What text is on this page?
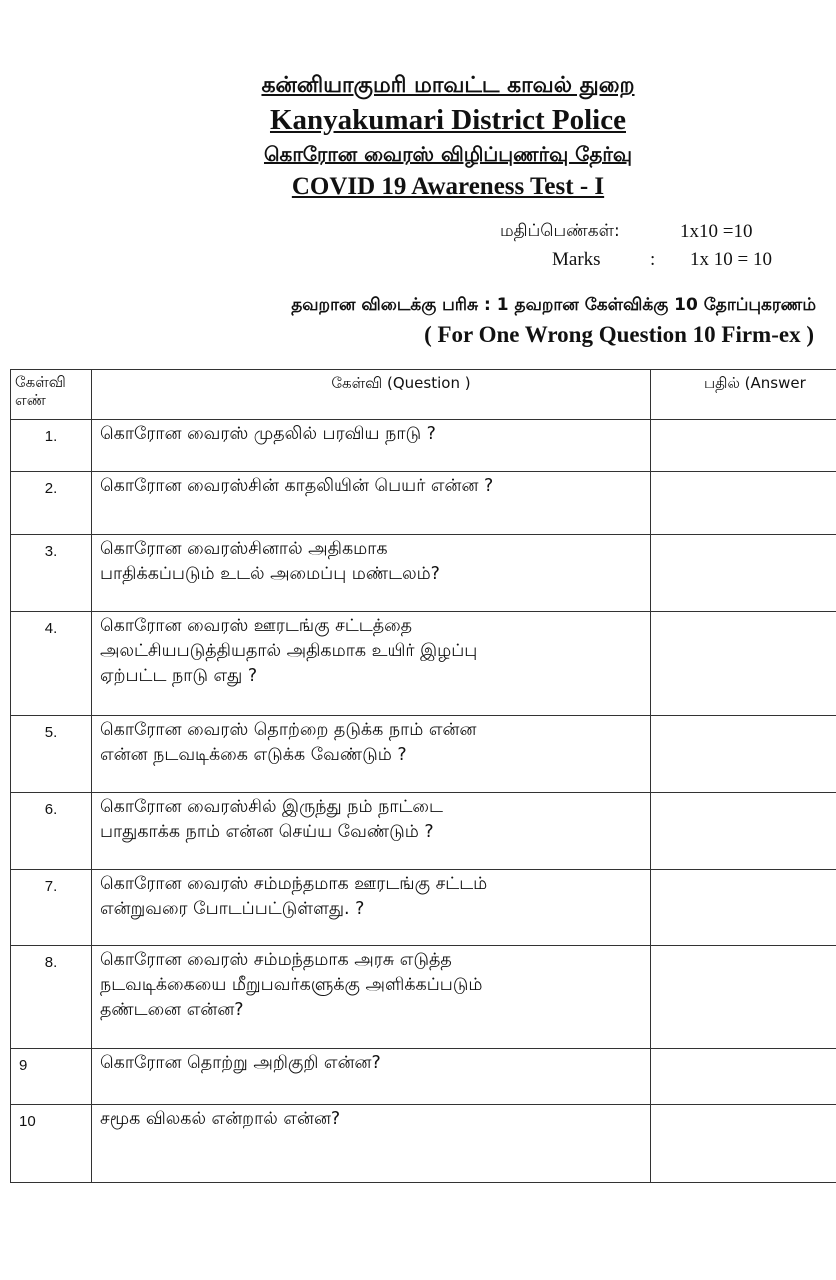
கன்னியாகுமரி மாவட்ட காவல் துறை
Kanyakumari District Police
கொரோன வைரஸ் விழிப்புணர்வு தேர்வு
COVID 19 Awareness Test - I
மதிப்பெண்கள்:	1x10 =10
Marks	:	1x 10 = 10
தவறான விடைக்கு பரிசு : 1 தவறான கேள்விக்கு 10 தோப்புகரணம்
( For One Wrong Question 10 Firm-ex )
கேள்வி எண்	கேள்வி (Question )	பதில் (Answer
1.	கொரோன வைரஸ் முதலில் பரவிய நாடு ?	
2.	கொரோன வைரஸ்சின் காதலியின் பெயர் என்ன ?	
3.	கொரோன வைரஸ்சினால் அதிகமாக
பாதிக்கப்படும் உடல் அமைப்பு மண்டலம்?	
4.	கொரோன வைரஸ் ஊரடங்கு சட்டத்தை
அலட்சியபடுத்தியதால் அதிகமாக உயிர் இழப்பு
ஏற்பட்ட நாடு எது ?	
5.	கொரோன வைரஸ் தொற்றை தடுக்க நாம் என்ன
என்ன நடவடிக்கை எடுக்க வேண்டும் ?	
6.	கொரோன வைரஸ்சில் இருந்து நம் நாட்டை
பாதுகாக்க நாம் என்ன செய்ய வேண்டும் ?	
7.	கொரோன வைரஸ் சம்மந்தமாக ஊரடங்கு சட்டம்
என்றுவரை போடப்பட்டுள்ளது. ?	
8.	கொரோன வைரஸ் சம்மந்தமாக அரசு எடுத்த
நடவடிக்கையை மீறுபவர்களுக்கு அளிக்கப்படும்
தண்டனை என்ன?	
9	கொரோன தொற்று அறிகுறி என்ன?	
10	சமூக விலகல் என்றால் என்ன?	
